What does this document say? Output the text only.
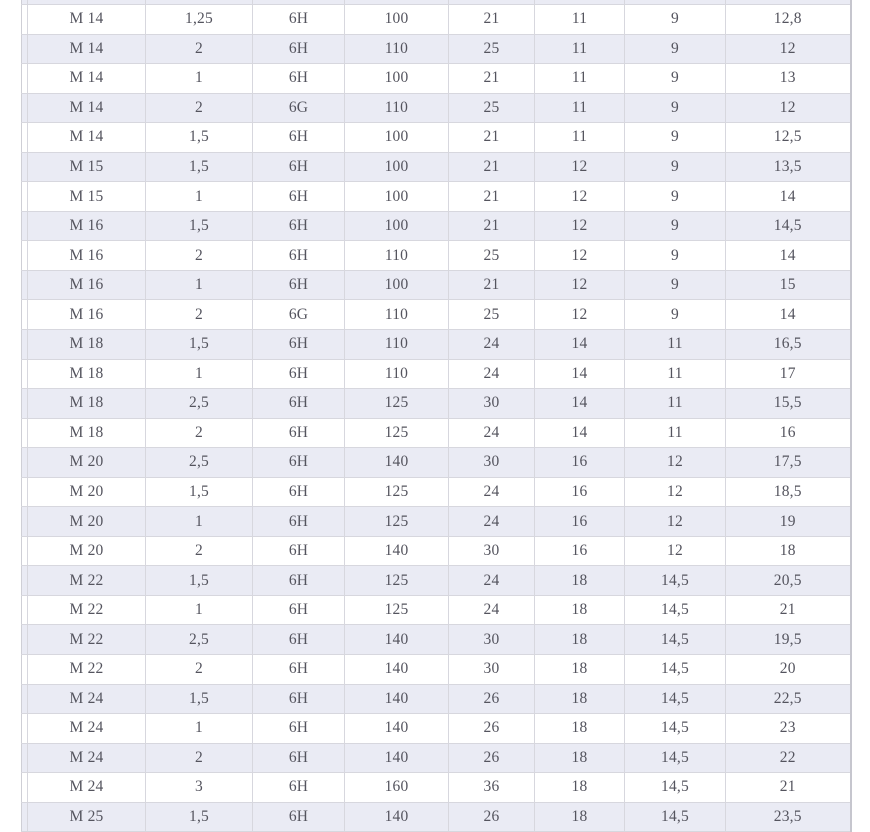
	M 14	1,25	6H	100	21	11	9	12,8
	M 14	2	6H	110	25	11	9	12
	M 14	1	6H	100	21	11	9	13
	M 14	2	6G	110	25	11	9	12
	M 14	1,5	6H	100	21	11	9	12,5
	M 15	1,5	6H	100	21	12	9	13,5
	M 15	1	6H	100	21	12	9	14
	M 16	1,5	6H	100	21	12	9	14,5
	M 16	2	6H	110	25	12	9	14
	M 16	1	6H	100	21	12	9	15
	M 16	2	6G	110	25	12	9	14
	M 18	1,5	6H	110	24	14	11	16,5
	M 18	1	6H	110	24	14	11	17
	M 18	2,5	6H	125	30	14	11	15,5
	M 18	2	6H	125	24	14	11	16
	M 20	2,5	6H	140	30	16	12	17,5
	M 20	1,5	6H	125	24	16	12	18,5
	M 20	1	6H	125	24	16	12	19
	M 20	2	6H	140	30	16	12	18
	M 22	1,5	6H	125	24	18	14,5	20,5
	M 22	1	6H	125	24	18	14,5	21
	M 22	2,5	6H	140	30	18	14,5	19,5
	M 22	2	6H	140	30	18	14,5	20
	M 24	1,5	6H	140	26	18	14,5	22,5
	M 24	1	6H	140	26	18	14,5	23
	M 24	2	6H	140	26	18	14,5	22
	M 24	3	6H	160	36	18	14,5	21
	M 25	1,5	6H	140	26	18	14,5	23,5
